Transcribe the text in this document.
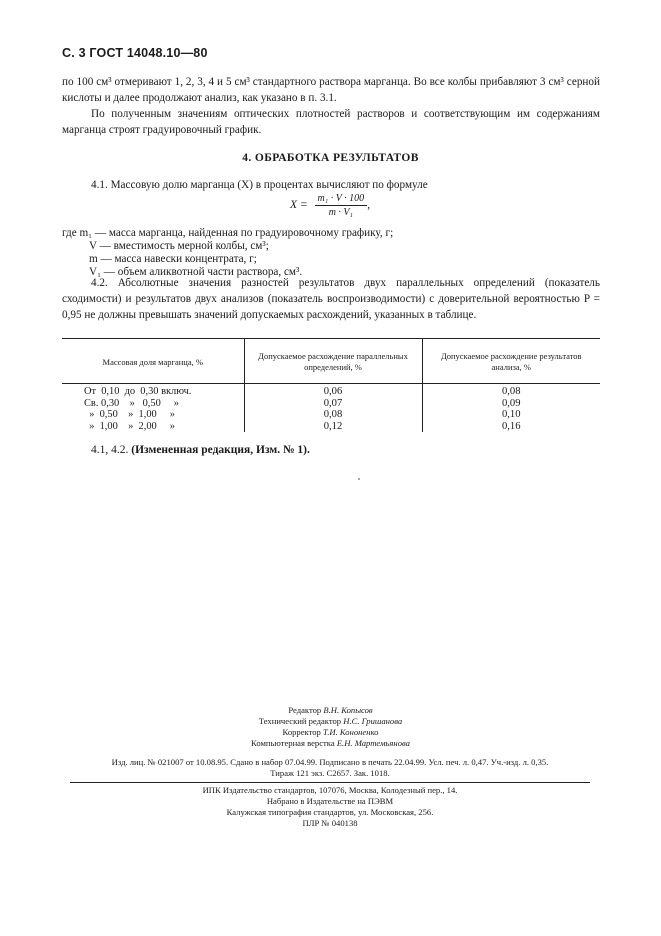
С. 3 ГОСТ 14048.10—80
по 100 см³ отмеривают 1, 2, 3, 4 и 5 см³ стандартного раствора марганца. Во все колбы прибавляют 3 см³ серной кислоты и далее продолжают анализ, как указано в п. 3.1.
По полученным значениям оптических плотностей растворов и соответствующим им содержаниям марганца строят градуировочный график.
4. ОБРАБОТКА РЕЗУЛЬТАТОВ
4.1. Массовую долю марганца (X) в процентах вычисляют по формуле
$X = \frac{\text{m₁ · V · 100}}{\text{m · V₁}}$ ,
где m₁ — масса марганца, найденная по градуировочному графику, г;
V — вместимость мерной колбы, см³;
m — масса навески концентрата, г;
V₁ — объем аликвотной части раствора, см³.
4.2. Абсолютные значения разностей результатов двух параллельных определений (показатель сходимости) и результатов двух анализов (показатель воспроизводимости) с доверительной вероятностью P = 0,95 не должны превышать значений допускаемых расхождений, указанных в таблице.
Массовая доля марганца, %	Допускаемое расхождение параллельных определений, %	Допускаемое расхождение результатов анализа, %
От  0,10  до  0,30 включ.	0,06	0,08
Св. 0,30    »   0,50     »	0,07	0,09
»  0,50    »  1,00     »	0,08	0,10
»  1,00    »  2,00     »	0,12	0,16
4.1, 4.2. (Измененная редакция, Изм. № 1).
Редактор В.Н. Копысов
Технический редактор Н.С. Гришанова
Корректор Т.И. Кононенко
Компьютерная верстка Е.Н. Мартемьянова
Изд. лиц. № 021007 от 10.08.95. Сдано в набор 07.04.99. Подписано в печать 22.04.99. Усл. печ. л. 0,47. Уч.-изд. л. 0,35.
Тираж 121 экз. С2657. Зак. 1018.
ИПК Издательство стандартов, 107076, Москва, Колодезный пер., 14.
Набрано в Издательстве на ПЭВМ
Калужская типография стандартов, ул. Московская, 256.
ПЛР № 040138
